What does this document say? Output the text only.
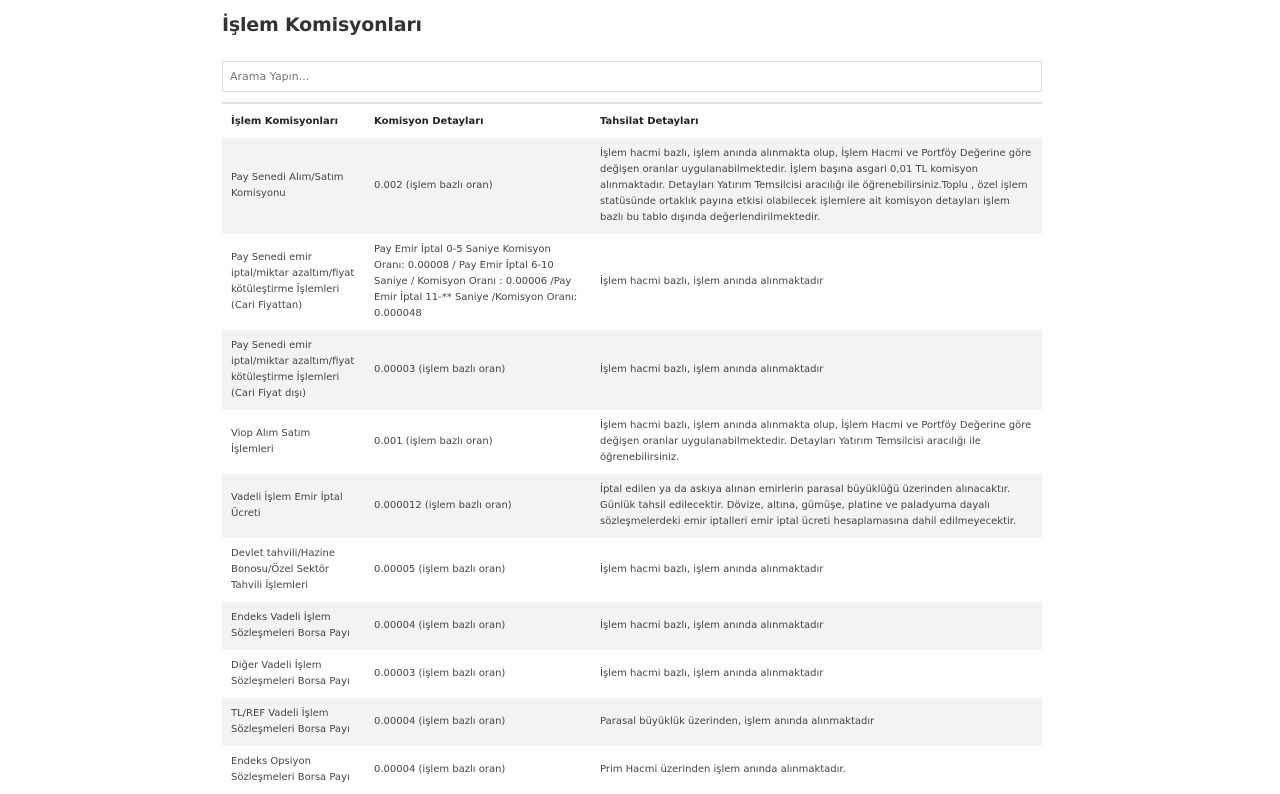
İşlem Komisyonları
Arama Yapın...
İşlem Komisyonları	Komisyon Detayları	Tahsilat Detayları
Pay Senedi Alım/Satım Komisyonu	0.002 (işlem bazlı oran)	İşlem hacmi bazlı, işlem anında alınmakta olup, İşlem Hacmi ve Portföy Değerine göre değişen oranlar uygulanabilmektedir. İşlem başına asgari 0,01 TL komisyon alınmaktadır. Detayları Yatırım Temsilcisi aracılığı ile öğrenebilirsiniz.Toplu , özel işlem statüsünde ortaklık payına etkisi olabilecek işlemlere ait komisyon detayları işlem bazlı bu tablo dışında değerlendirilmektedir.
Pay Senedi emir iptal/miktar azaltım/fiyat kötüleştirme İşlemleri (Cari Fiyattan)	Pay Emir İptal 0-5 Saniye Komisyon Oranı: 0.00008 / Pay Emir İptal 6-10 Saniye / Komisyon Oranı : 0.00006 /Pay Emir İptal 11-** Saniye /Komisyon Oranı: 0.000048	İşlem hacmi bazlı, işlem anında alınmaktadır
Pay Senedi emir iptal/miktar azaltım/fiyat kötüleştirme İşlemleri (Cari Fiyat dışı)	0.00003 (işlem bazlı oran)	İşlem hacmi bazlı, işlem anında alınmaktadır
Viop Alım Satım İşlemleri	0.001 (işlem bazlı oran)	İşlem hacmi bazlı, işlem anında alınmakta olup, İşlem Hacmi ve Portföy Değerine göre değişen oranlar uygulanabilmektedir. Detayları Yatırım Temsilcisi aracılığı ile öğrenebilirsiniz.
Vadeli İşlem Emir İptal Ücreti	0.000012 (işlem bazlı oran)	İptal edilen ya da askıya alınan emirlerin parasal büyüklüğü üzerinden alınacaktır. Günlük tahsil edilecektir. Dövize, altına, gümüşe, platine ve paladyuma dayalı sözleşmelerdeki emir iptalleri emir iptal ücreti hesaplamasına dahil edilmeyecektir.
Devlet tahvili/Hazine Bonosu/Özel Sektör Tahvili İşlemleri	0.00005 (işlem bazlı oran)	İşlem hacmi bazlı, işlem anında alınmaktadır
Endeks Vadeli İşlem Sözleşmeleri Borsa Payı	0.00004 (işlem bazlı oran)	İşlem hacmi bazlı, işlem anında alınmaktadır
Diğer Vadeli İşlem Sözleşmeleri Borsa Payı	0.00003 (işlem bazlı oran)	İşlem hacmi bazlı, işlem anında alınmaktadır
TL/REF Vadeli İşlem Sözleşmeleri Borsa Payı	0.00004 (işlem bazlı oran)	Parasal büyüklük üzerinden, işlem anında alınmaktadır
Endeks Opsiyon Sözleşmeleri Borsa Payı	0.00004 (işlem bazlı oran)	Prim Hacmi üzerinden işlem anında alınmaktadır.
